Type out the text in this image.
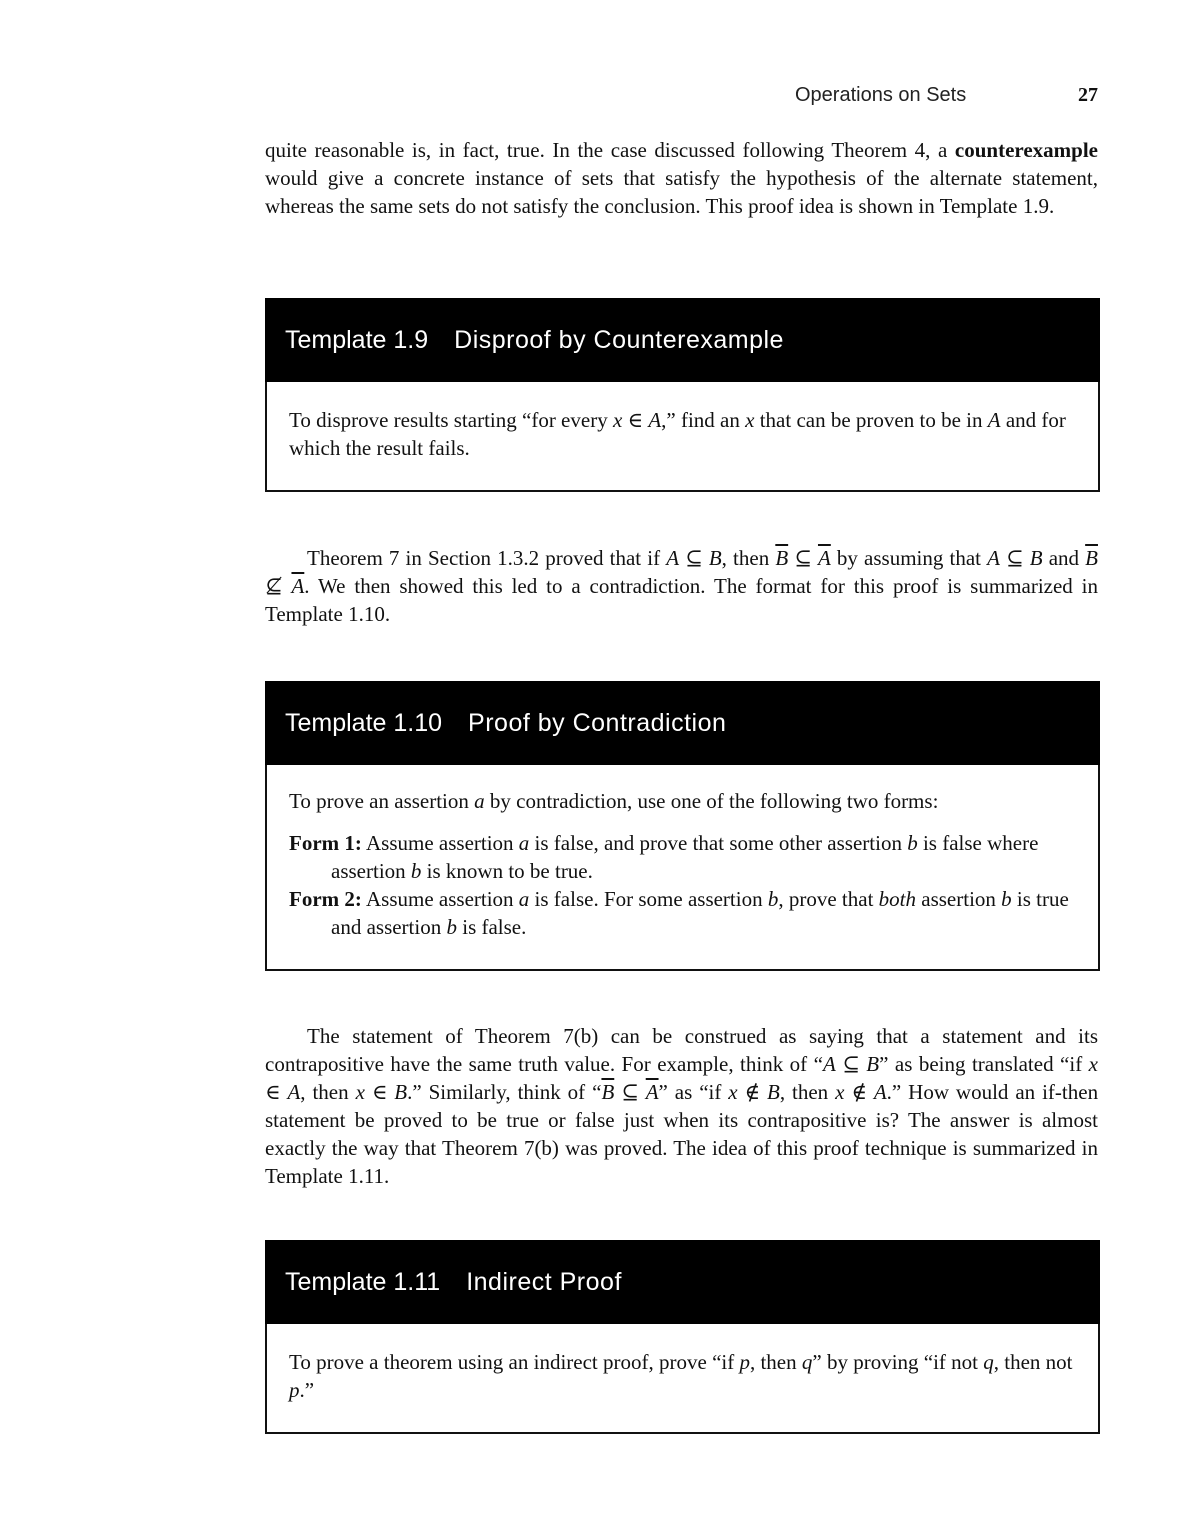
Operations on Sets	27

quite reasonable is, in fact, true. In the case discussed following Theorem 4, a counterexample would give a concrete instance of sets that satisfy the hypothesis of the alternate statement, whereas the same sets do not satisfy the conclusion. This proof idea is shown in Template 1.9.

Template 1.9 Disproof by Counterexample

To disprove results starting “for every x ∈ A,” find an x that can be proven to be in A and for which the result fails.

Theorem 7 in Section 1.3.2 proved that if A ⊆ B, then $\overline{B}$ ⊆ $\overline{A}$ by assuming that A ⊆ B and $\overline{B}$ ⊈ $\overline{A}$. We then showed this led to a contradiction. The format for this proof is summarized in Template 1.10.

Template 1.10 Proof by Contradiction

To prove an assertion a by contradiction, use one of the following two forms:

Form 1: Assume assertion a is false, and prove that some other assertion b is false where assertion b is known to be true.

Form 2: Assume assertion a is false. For some assertion b, prove that both assertion b is true and assertion b is false.

The statement of Theorem 7(b) can be construed as saying that a statement and its contrapositive have the same truth value. For example, think of “A ⊆ B” as being translated “if x ∈ A, then x ∈ B.” Similarly, think of “$\overline{B}$ ⊆ $\overline{A}$” as “if x ∉ B, then x ∉ A.” How would an if-then statement be proved to be true or false just when its contrapositive is? The answer is almost exactly the way that Theorem 7(b) was proved. The idea of this proof technique is summarized in Template 1.11.

Template 1.11 Indirect Proof

To prove a theorem using an indirect proof, prove “if p, then q” by proving “if not q, then not p.”
